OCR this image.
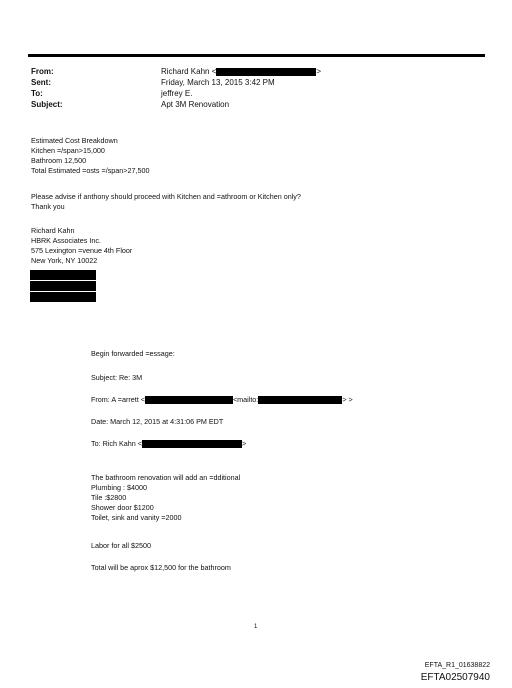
From:	Richard Kahn <	>
Sent:	Friday, March 13, 2015 3:42 PM
To:	jeffrey E.
Subject:	Apt 3M Renovation
Estimated Cost Breakdown
Kitchen =/span>15,000
Bathroom 12,500
Total Estimated =osts =/span>27,500
Please advise if anthony should proceed with Kitchen and =athroom or Kitchen only?
Thank you
Richard Kahn
HBRK Associates Inc.
575 Lexington =venue 4th Floor
New York, NY 10022
Begin forwarded =essage:
Subject: Re: 3M
From: A =arrett <	<mailto:	> >
Date: March 12, 2015 at 4:31:06 PM EDT
To: Rich Kahn <	>
The bathroom renovation will add an =dditional
Plumbing : $4000
Tile :$2800
Shower door $1200
Toilet, sink and vanity =2000
Labor for all $2500
Total will be aprox $12,500 for the bathroom
1
EFTA_R1_01638822
EFTA02507940
